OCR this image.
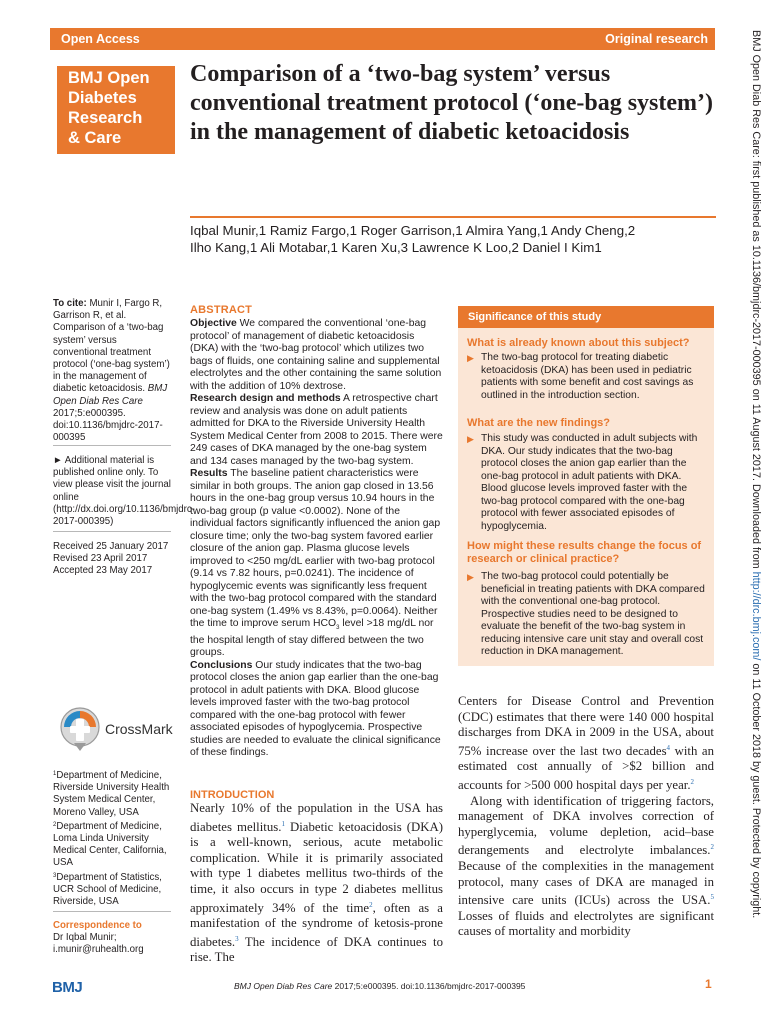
Open Access	Original research
BMJ Open
Diabetes
Research
& Care
Comparison of a ‘two-bag system’ versus conventional treatment protocol (‘one-bag system’) in the management of diabetic ketoacidosis
Iqbal Munir,1 Ramiz Fargo,1 Roger Garrison,1 Almira Yang,1 Andy Cheng,2
Ilho Kang,1 Ali Motabar,1 Karen Xu,3 Lawrence K Loo,2 Daniel I Kim1
To cite: Munir I, Fargo R, Garrison R, et al. Comparison of a ‘two-bag system’ versus conventional treatment protocol (‘one-bag system’) in the management of diabetic ketoacidosis. BMJ Open Diab Res Care 2017;5:e000395. doi:10.1136/bmjdrc-2017-000395
► Additional material is published online only. To view please visit the journal online (http://dx.doi.org/10.1136/bmjdrc-2017-000395)
Received 25 January 2017
Revised 23 April 2017
Accepted 23 May 2017
CrossMark
$^1$Department of Medicine, Riverside University Health System Medical Center, Moreno Valley, USA
$^2$Department of Medicine, Loma Linda University Medical Center, California, USA
$^3$Department of Statistics, UCR School of Medicine, Riverside, USA
Correspondence to
Dr Iqbal Munir;
i.munir@ruhealth.org
ABSTRACT

Objective We compared the conventional ‘one-bag protocol’ of management of diabetic ketoacidosis (DKA) with the ‘two-bag protocol’ which utilizes two bags of fluids, one containing saline and supplemental electrolytes and the other containing the same solution with the addition of 10% dextrose.

Research design and methods A retrospective chart review and analysis was done on adult patients admitted for DKA to the Riverside University Health System Medical Center from 2008 to 2015. There were 249 cases of DKA managed by the one-bag system and 134 cases managed by the two-bag system.

Results The baseline patient characteristics were similar in both groups. The anion gap closed in 13.56 hours in the one-bag group versus 10.94 hours in the two-bag group (p value <0.0002). None of the individual factors significantly influenced the anion gap closure time; only the two-bag system favored earlier closure of the anion gap. Plasma glucose levels improved to <250 mg/dL earlier with two-bag protocol (9.14 vs 7.82 hours, p=0.0241). The incidence of hypoglycemic events was significantly less frequent with the two-bag protocol compared with the standard one-bag system (1.49% vs 8.43%, p=0.0064). Neither the time to improve serum $HCO_3$ level >18 mg/dL nor the hospital length of stay differed between the two groups.

Conclusions Our study indicates that the two-bag protocol closes the anion gap earlier than the one-bag protocol in adult patients with DKA. Blood glucose levels improved faster with the two-bag protocol compared with the one-bag protocol with fewer associated episodes of hypoglycemia. Prospective studies are needed to evaluate the clinical significance of these findings.

Significance of this study
What is already known about this subject?
▶ The two-bag protocol for treating diabetic ketoacidosis (DKA) has been used in pediatric patients with some benefit and cost savings as outlined in the introduction section.
What are the new findings?
▶ This study was conducted in adult subjects with DKA. Our study indicates that the two-bag protocol closes the anion gap earlier than the one-bag protocol in adult patients with DKA. Blood glucose levels improved faster with the two-bag protocol compared with the one-bag protocol with fewer associated episodes of hypoglycemia.
How might these results change the focus of research or clinical practice?
▶ The two-bag protocol could potentially be beneficial in treating patients with DKA compared with the conventional one-bag protocol. Prospective studies need to be designed to evaluate the benefit of the two-bag system in reducing intensive care unit stay and overall cost reduction in DKA management.
INTRODUCTION
Nearly 10% of the population in the USA has diabetes mellitus.$^1$ Diabetic ketoacidosis (DKA) is a well-known, serious, acute metabolic complication. While it is primarily associated with type 1 diabetes mellitus two-thirds of the time, it also occurs in type 2 diabetes mellitus approximately 34% of the time$^2$, often as a manifestation of the syndrome of ketosis-prone diabetes.$^3$ The incidence of DKA continues to rise. The
Centers for Disease Control and Prevention (CDC) estimates that there were 140 000 hospital discharges from DKA in 2009 in the USA, about 75% increase over the last two decades$^4$ with an estimated cost annually of >$2 billion and accounts for >500 000 hospital days per year.$^2$
Along with identification of triggering factors, management of DKA involves correction of hyperglycemia, volume depletion, acid–base derangements and electrolyte imbalances.$^2$ Because of the complexities in the management protocol, many cases of DKA are managed in intensive care units (ICUs) across the USA.$^5$ Losses of fluids and electrolytes are significant causes of mortality and morbidity
BMJ Open Diab Res Care: first published as 10.1136/bmjdrc-2017-000395 on 11 August 2017. Downloaded from http://drc.bmj.com/ on 11 October 2018 by guest. Protected by copyright.
BMJ	BMJ Open Diab Res Care 2017;5:e000395. doi:10.1136/bmjdrc-2017-000395	1
